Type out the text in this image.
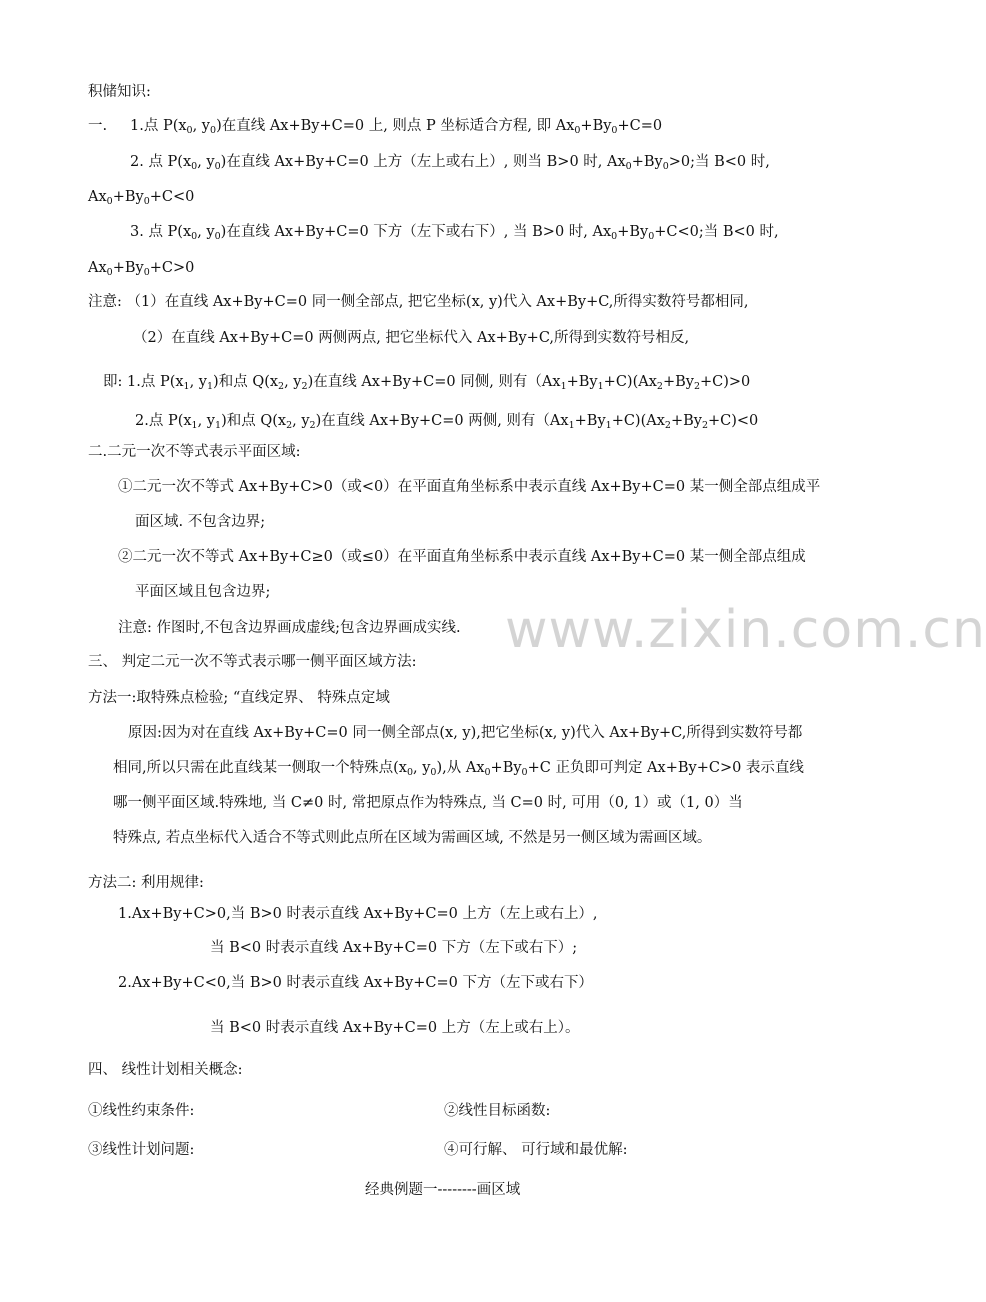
www.zixin.com.cn
积储知识:
一. 1.点 $P(x_0$, $y_0$)在直线 Ax+By+C=0 上, 则点 P 坐标适合方程, 即 $Ax_0+By_0+C=0$
2. 点 $P(x_0$, $y_0$)在直线 Ax+By+C=0 上方（左上或右上）, 则当 B>0 时, $Ax_0+By_0>0$;当 B<0 时,
$Ax_0+By_0+C<0$
3. 点 $P(x_0$, $y_0$)在直线 Ax+By+C=0 下方（左下或右下）, 当 B>0 时, $Ax_0+By_0+C<0$;当 B<0 时,
$Ax_0+By_0+C>0$
注意: （1）在直线 Ax+By+C=0 同一侧全部点, 把它坐标(x, y)代入 Ax+By+C,所得实数符号都相同,
（2）在直线 Ax+By+C=0 两侧两点, 把它坐标代入 Ax+By+C,所得到实数符号相反,
即: 1.点 $P(x_1$, $y_1$)和点 $Q(x_2$, $y_2$)在直线 Ax+By+C=0 同侧, 则有$(Ax_1+By_1+C)(Ax_2+By_2+C)>0$
2.点 $P(x_1$, $y_1$)和点 $Q(x_2$, $y_2$)在直线 Ax+By+C=0 两侧, 则有$(Ax_1+By_1+C)(Ax_2+By_2+C)<0$
二.二元一次不等式表示平面区域:
①二元一次不等式 Ax+By+C>0（或<0）在平面直角坐标系中表示直线 Ax+By+C=0 某一侧全部点组成平
面区域. 不包含边界;
②二元一次不等式 Ax+By+C≥0（或≤0）在平面直角坐标系中表示直线 Ax+By+C=0 某一侧全部点组成
平面区域且包含边界;
注意: 作图时,不包含边界画成虚线;包含边界画成实线.
三、 判定二元一次不等式表示哪一侧平面区域方法:
方法一:取特殊点检验; “直线定界、 特殊点定域
原因:因为对在直线 Ax+By+C=0 同一侧全部点(x, y),把它坐标(x, y)代入 Ax+By+C,所得到实数符号都
相同,所以只需在此直线某一侧取一个特殊点($x_0$, $y_0$),从 $Ax_0+By_0+C$ 正负即可判定 Ax+By+C>0 表示直线
哪一侧平面区域.特殊地, 当 C≠0 时, 常把原点作为特殊点, 当 C=0 时, 可用（0, 1）或（1, 0）当
特殊点, 若点坐标代入适合不等式则此点所在区域为需画区域, 不然是另一侧区域为需画区域。
方法二: 利用规律:
1.Ax+By+C>0,当 B>0 时表示直线 Ax+By+C=0 上方（左上或右上）,
当 B<0 时表示直线 Ax+By+C=0 下方（左下或右下）;
2.Ax+By+C<0,当 B>0 时表示直线 Ax+By+C=0 下方（左下或右下）
当 B<0 时表示直线 Ax+By+C=0 上方（左上或右上）。
四、 线性计划相关概念:
①线性约束条件:	②线性目标函数:
③线性计划问题:	④可行解、 可行域和最优解:
经典例题一--------画区域
